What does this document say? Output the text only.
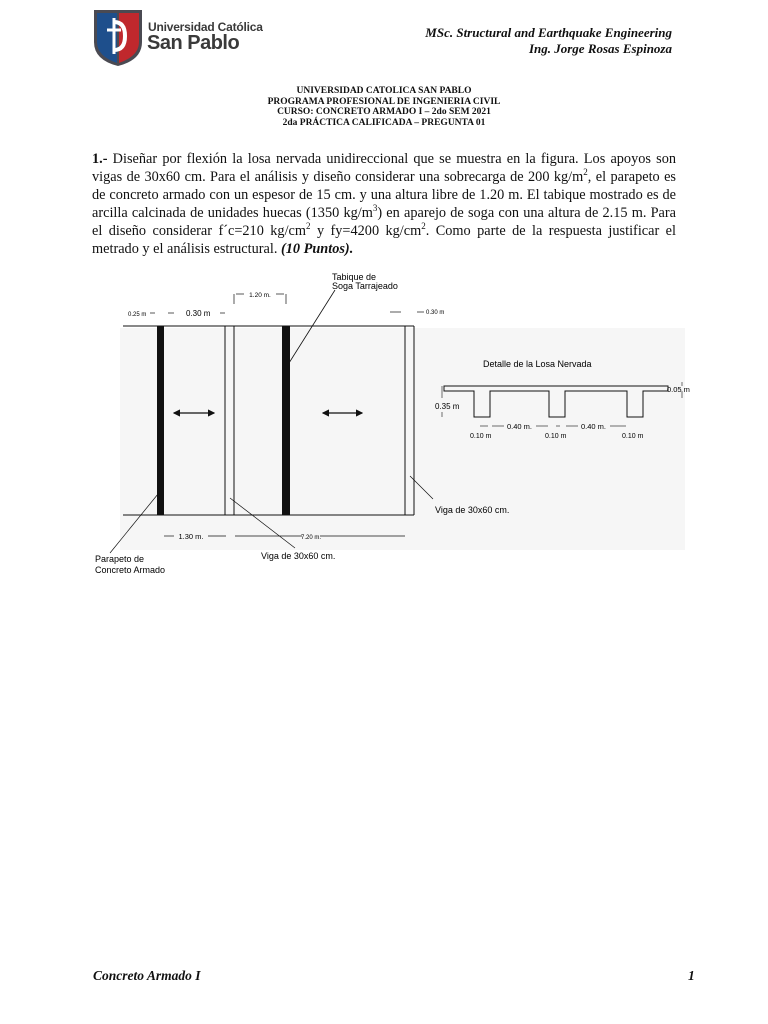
Universidad Católica
San Pablo	MSc. Structural and Earthquake Engineering
Ing. Jorge Rosas Espinoza
UNIVERSIDAD CATOLICA SAN PABLO
PROGRAMA PROFESIONAL DE INGENIERIA CIVIL
CURSO: CONCRETO ARMADO I – 2do SEM 2021
2da PRÁCTICA CALIFICADA – PREGUNTA 01
1.- Diseñar por flexión la losa nervada unidireccional que se muestra en la figura. Los apoyos son vigas de 30x60 cm. Para el análisis y diseño considerar una sobrecarga de 200 $kg/m^2$, el parapeto es de concreto armado con un espesor de 15 cm. y una altura libre de 1.20 m. El tabique mostrado es de arcilla calcinada de unidades huecas (1350 $kg/m^3$) en aparejo de soga con una altura de 2.15 m. Para el diseño considerar f´c=210 $kg/cm^2$ y fy=4200 $kg/cm^2$. Como parte de la respuesta justificar el metrado y el análisis estructural. (10 Puntos).
1.20 m.
0.25 m	0.30 m	0.30 m
Tabique de
Soga Tarrajeado
1.30 m.	7.20 m.
Parapeto de
Concreto Armado
Viga de 30x60 cm.
Viga de 30x60 cm.
Detalle de la Losa Nervada
0.05 m
0.35 m
0.40 m.	0.40 m.
0.10 m	0.10 m	0.10 m
Concreto Armado I	1
